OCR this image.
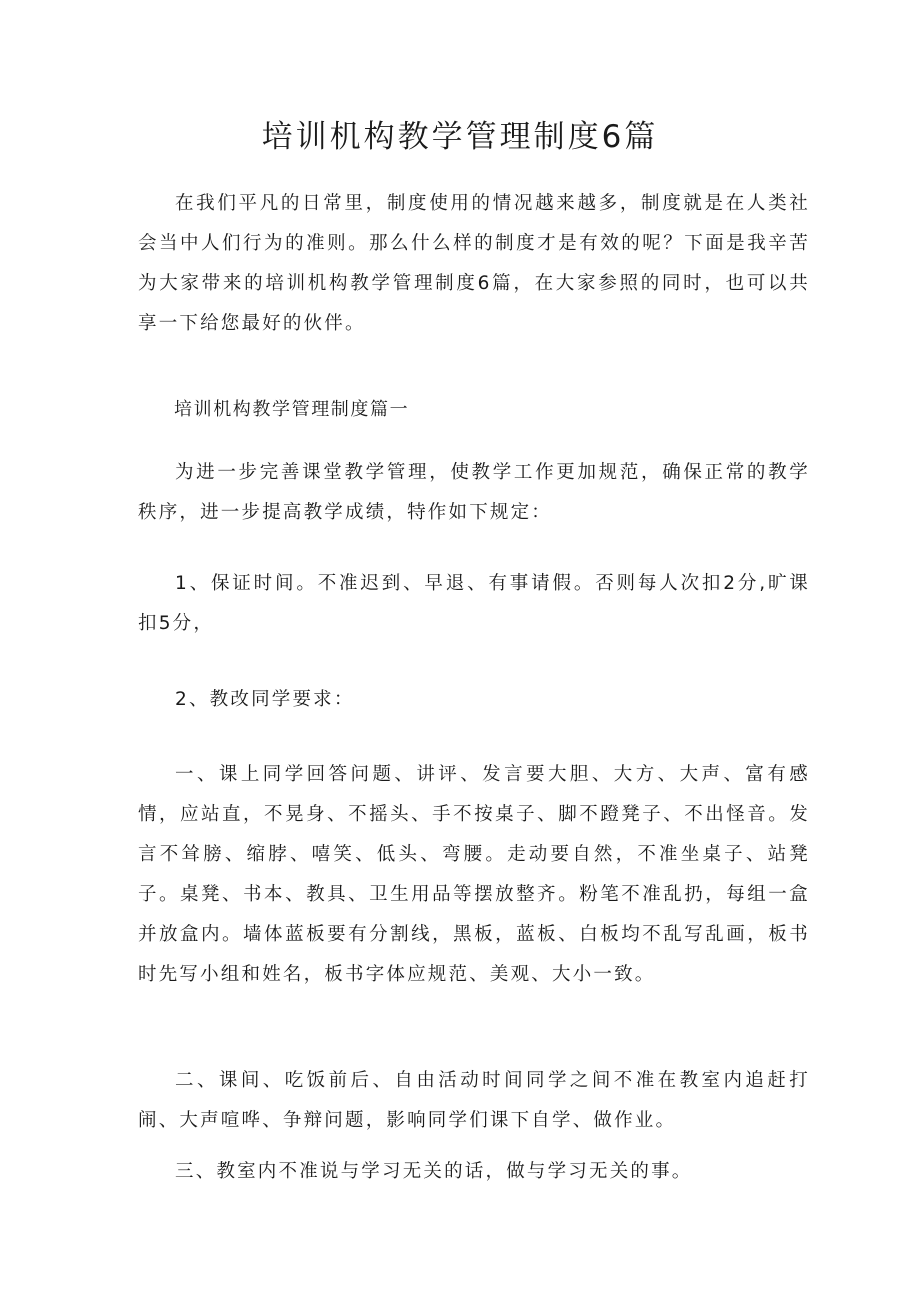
培训机构教学管理制度6篇

在我们平凡的日常里，制度使用的情况越来越多，制度就是在人类社会当中人们行为的准则。那么什么样的制度才是有效的呢？下面是我辛苦为大家带来的培训机构教学管理制度6篇，在大家参照的同时，也可以共享一下给您最好的伙伴。

培训机构教学管理制度篇一

为进一步完善课堂教学管理，使教学工作更加规范，确保正常的教学秩序，进一步提高教学成绩，特作如下规定：

1、保证时间。不准迟到、早退、有事请假。否则每人次扣2分,旷课扣5分，

2、教改同学要求：

一、课上同学回答问题、讲评、发言要大胆、大方、大声、富有感情，应站直，不晃身、不摇头、手不按桌子、脚不蹬凳子、不出怪音。发言不耸膀、缩脖、嘻笑、低头、弯腰。走动要自然，不准坐桌子、站凳子。桌凳、书本、教具、卫生用品等摆放整齐。粉笔不准乱扔，每组一盒并放盒内。墙体蓝板要有分割线，黑板，蓝板、白板均不乱写乱画，板书时先写小组和姓名，板书字体应规范、美观、大小一致。

二、课间、吃饭前后、自由活动时间同学之间不准在教室内追赶打闹、大声喧哗、争辩问题，影响同学们课下自学、做作业。

三、教室内不准说与学习无关的话，做与学习无关的事。
